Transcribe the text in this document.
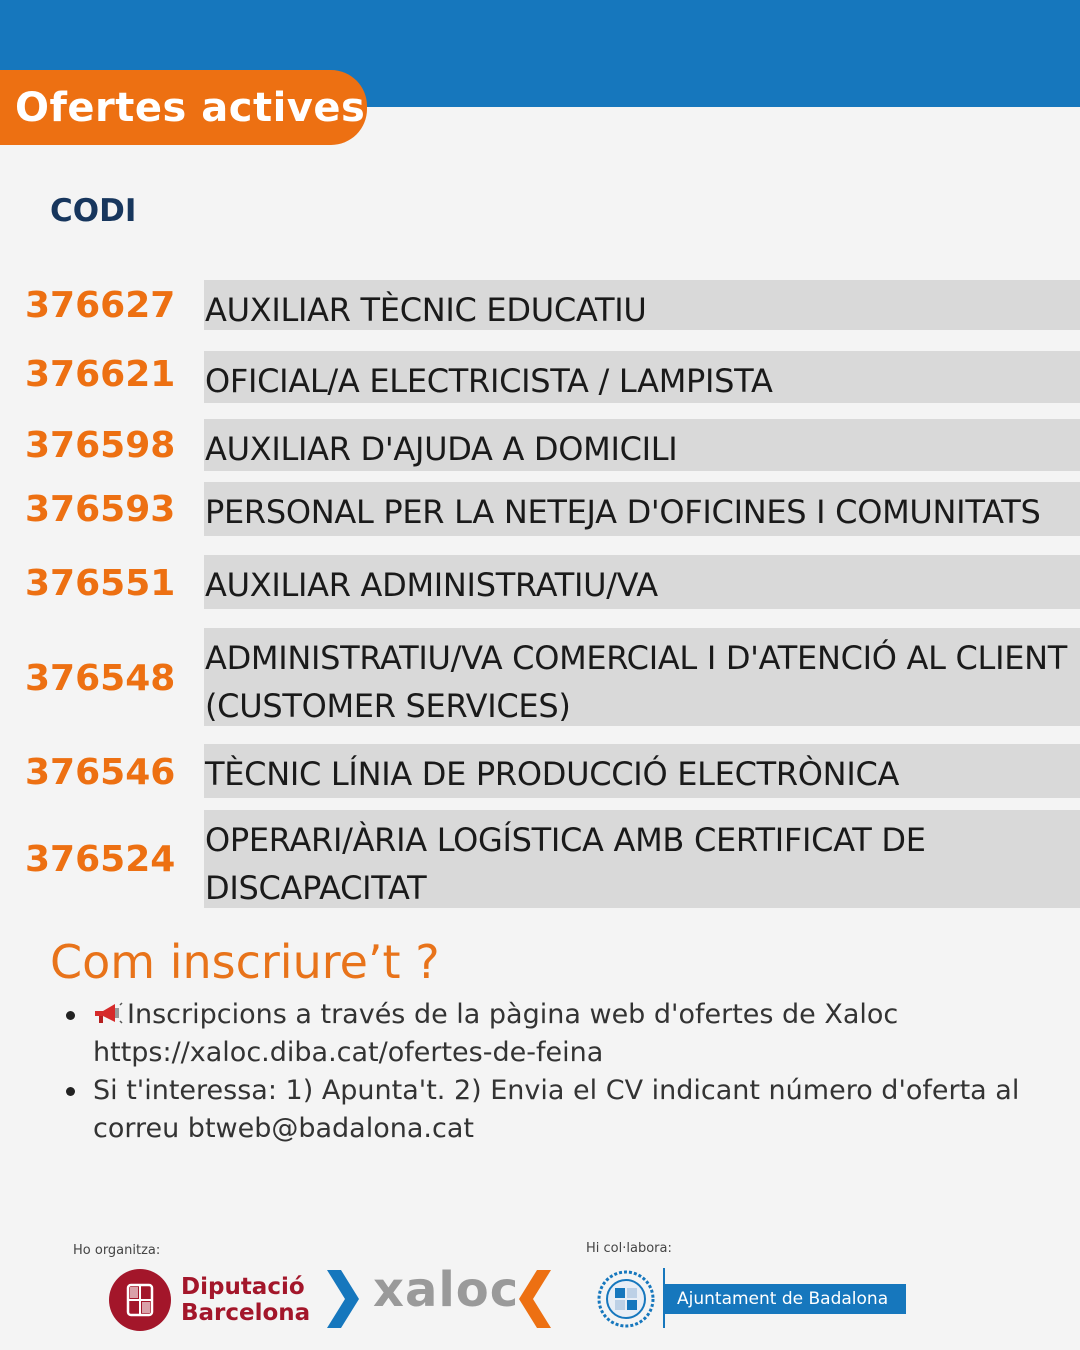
Ofertes actives
CODI
376627 AUXILIAR TÈCNIC EDUCATIU
376621 OFICIAL/A ELECTRICISTA / LAMPISTA
376598 AUXILIAR D'AJUDA A DOMICILI
376593 PERSONAL PER LA NETEJA D'OFICINES I COMUNITATS
376551 AUXILIAR ADMINISTRATIU/VA
376548 ADMINISTRATIU/VA COMERCIAL I D'ATENCIÓ AL CLIENT (CUSTOMER SERVICES)
376546 TÈCNIC LÍNIA DE PRODUCCIÓ ELECTRÒNICA
376524 OPERARI/ÀRIA LOGÍSTICA AMB CERTIFICAT DE DISCAPACITAT
Com inscriure’t ?
Inscripcions a través de la pàgina web d'ofertes de Xaloc
https://xaloc.diba.cat/ofertes-de-feina
Si t'interessa: 1) Apunta't. 2) Envia el CV indicant número d'oferta al correu btweb@badalona.cat
Ho organitza:	Hi col·labora:
Diputació
Barcelona xaloc	Ajuntament de Badalona
